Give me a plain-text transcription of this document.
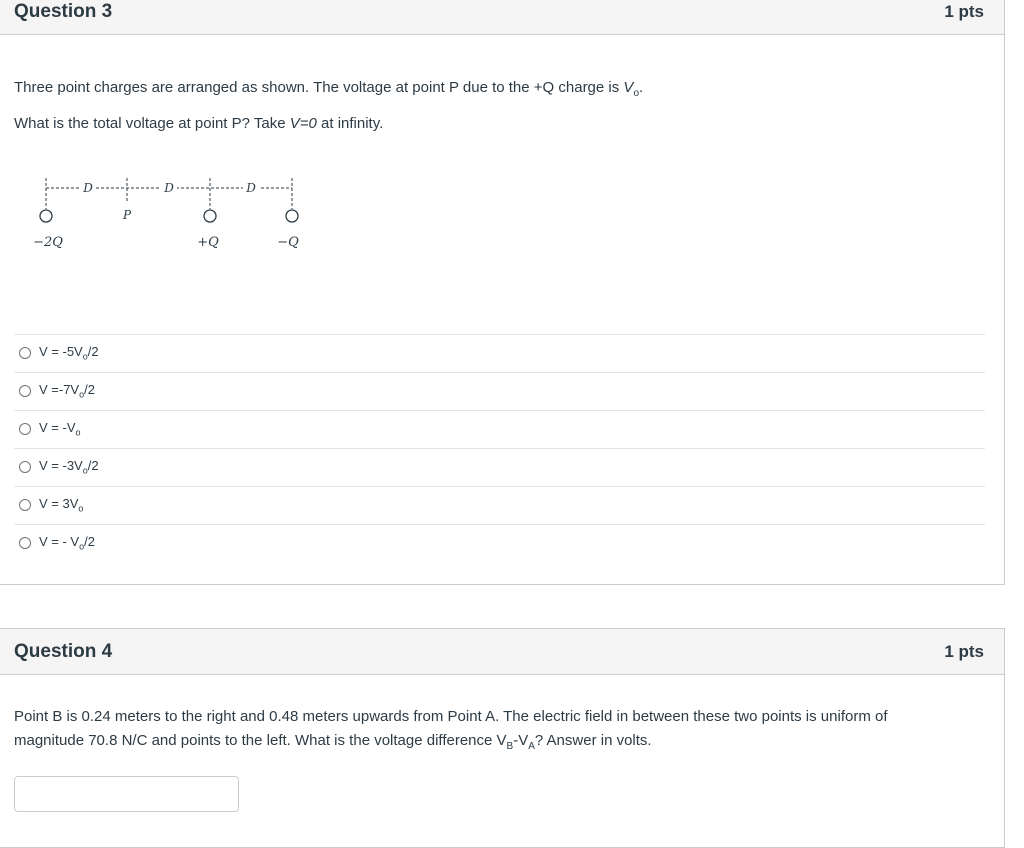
Question 3	1 pts
Three point charges are arranged as shown. The voltage at point P due to the +Q charge is $V_o$.
What is the total voltage at point P? Take V=0 at infinity.
D	D	D
P
−2Q	+Q	−Q
$V = -5V_o/2$
$V =-7V_o/2$
$V = -V_o$
$V = -3V_o/2$
$V = 3V_o$
V = - $V_o/2$
Question 4	1 pts
Point B is 0.24 meters to the right and 0.48 meters upwards from Point A. The electric field in between these two points is uniform of
magnitude 70.8 N/C and points to the left. What is the voltage difference $V_B-V_A$? Answer in volts.
